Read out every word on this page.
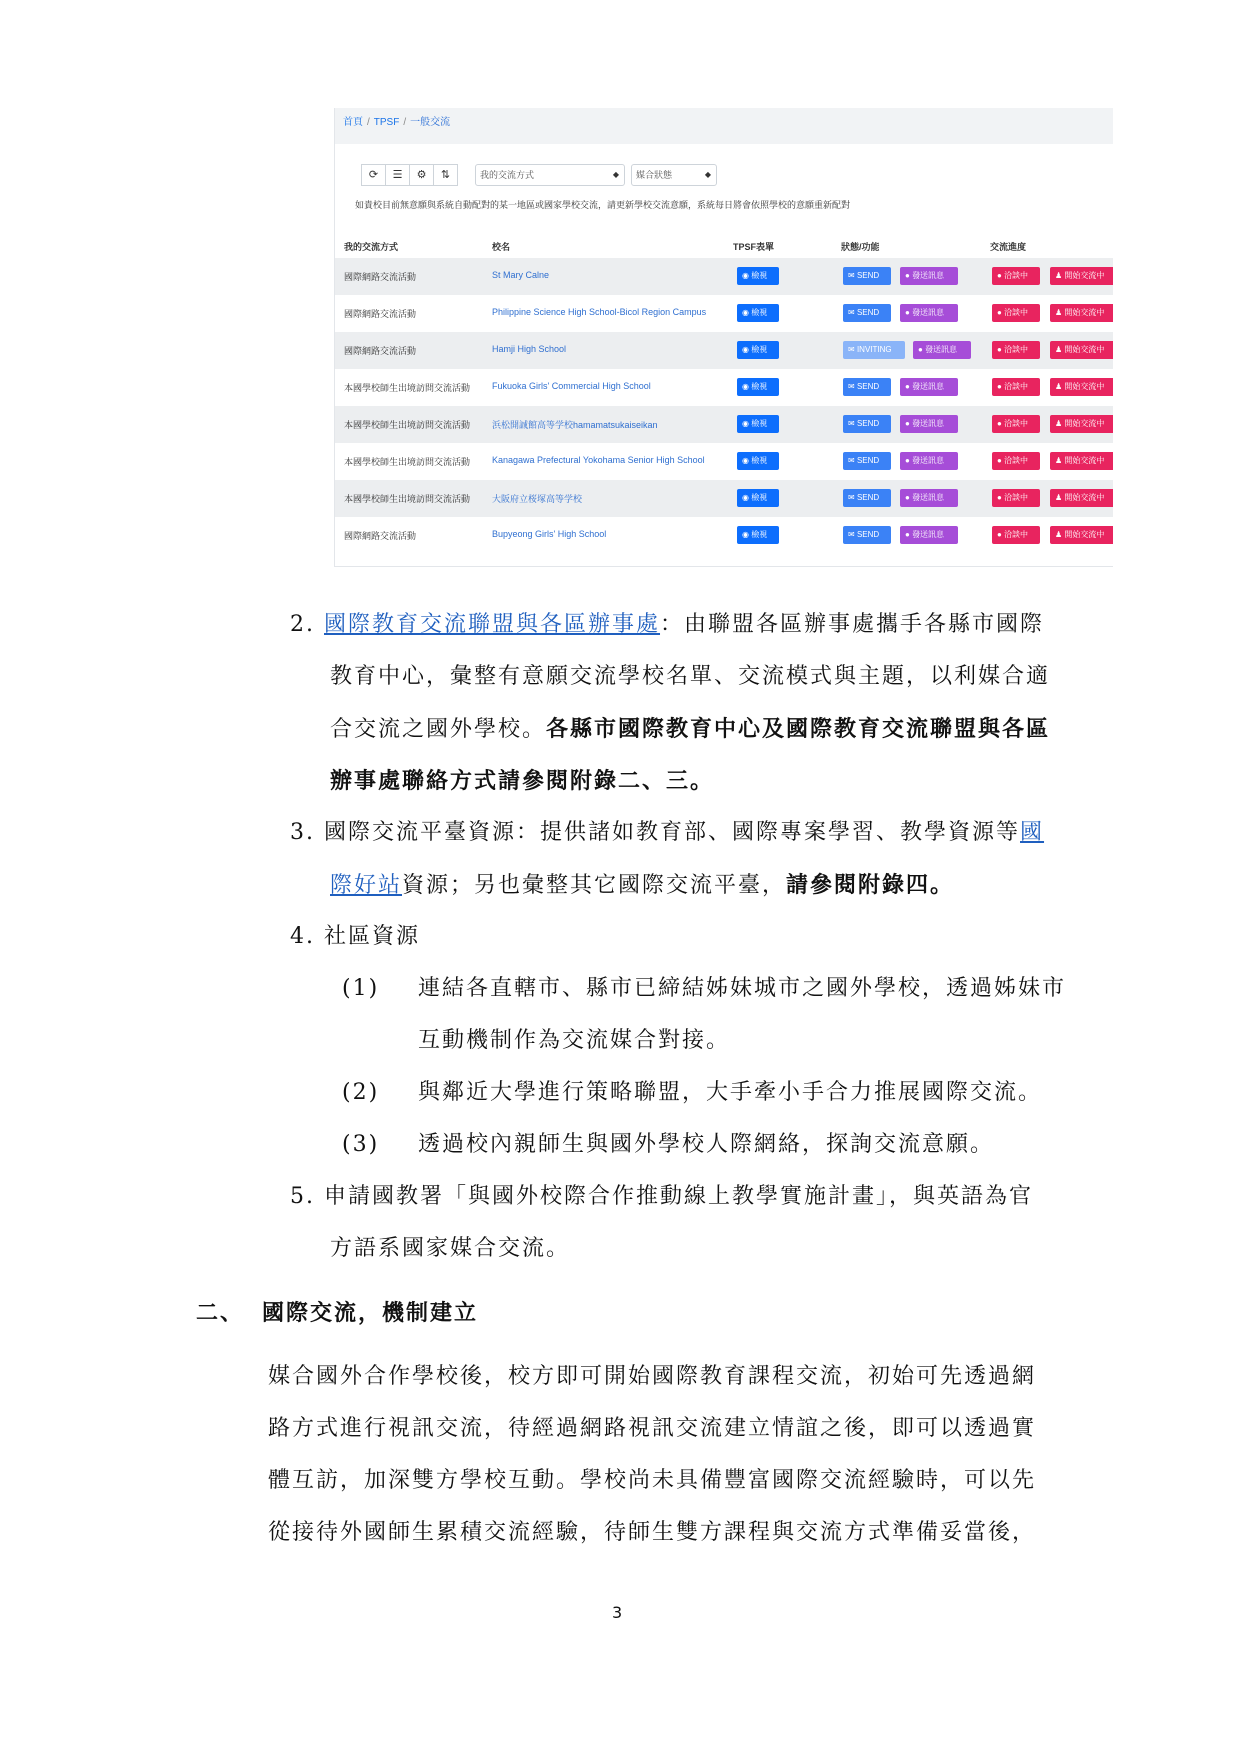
首頁 / TPSF / 一般交流
⟳	☰	⚙	⇅	我的交流方式	◆	媒合狀態	◆
如貴校目前無意願與系統自動配對的某一地區或國家學校交流，請更新學校交流意願，系統每日將會依照學校的意願重新配對
我的交流方式	校名	TPSF表單	狀態/功能	交流進度
國際網路交流活動	St Mary Calne	◉ 檢視	✉ SEND	● 發送訊息	● 洽談中	♟ 開始交流中
國際網路交流活動	Philippine Science High School-Bicol Region Campus	◉ 檢視	✉ SEND	● 發送訊息	● 洽談中	♟ 開始交流中
國際網路交流活動	Hamji High School	◉ 檢視	✉ INVITING	● 發送訊息	● 洽談中	♟ 開始交流中
本國學校師生出境訪問交流活動 Fukuoka Girls' Commercial High School	◉ 檢視	✉ SEND	● 發送訊息	● 洽談中	♟ 開始交流中
本國學校師生出境訪問交流活動 浜松開誠館高等学校hamamatsukaiseikan	◉ 檢視	✉ SEND	● 發送訊息	● 洽談中	♟ 開始交流中
本國學校師生出境訪問交流活動 Kanagawa Prefectural Yokohama Senior High School	◉ 檢視	✉ SEND	● 發送訊息	● 洽談中	♟ 開始交流中
本國學校師生出境訪問交流活動 大阪府立桜塚高等学校	◉ 檢視	✉ SEND	● 發送訊息	● 洽談中	♟ 開始交流中
國際網路交流活動	Bupyeong Girls' High School	◉ 檢視	✉ SEND	● 發送訊息	● 洽談中	♟ 開始交流中
2. 國際教育交流聯盟與各區辦事處：由聯盟各區辦事處攜手各縣市國際
教育中心，彙整有意願交流學校名單、交流模式與主題，以利媒合適
合交流之國外學校。各縣市國際教育中心及國際教育交流聯盟與各區
辦事處聯絡方式請參閱附錄二、三。
3. 國際交流平臺資源：提供諸如教育部、國際專案學習、教學資源等國
際好站資源；另也彙整其它國際交流平臺，請參閱附錄四。
4. 社區資源
(1) 連結各直轄市、縣市已締結姊妹城市之國外學校，透過姊妹市
互動機制作為交流媒合對接。
(2) 與鄰近大學進行策略聯盟，大手牽小手合力推展國際交流。
(3) 透過校內親師生與國外學校人際網絡，探詢交流意願。
5. 申請國教署「與國外校際合作推動線上教學實施計畫」，與英語為官
方語系國家媒合交流。
二、 國際交流，機制建立
媒合國外合作學校後，校方即可開始國際教育課程交流，初始可先透過網
路方式進行視訊交流，待經過網路視訊交流建立情誼之後，即可以透過實
體互訪，加深雙方學校互動。學校尚未具備豐富國際交流經驗時，可以先
從接待外國師生累積交流經驗，待師生雙方課程與交流方式準備妥當後，
3
